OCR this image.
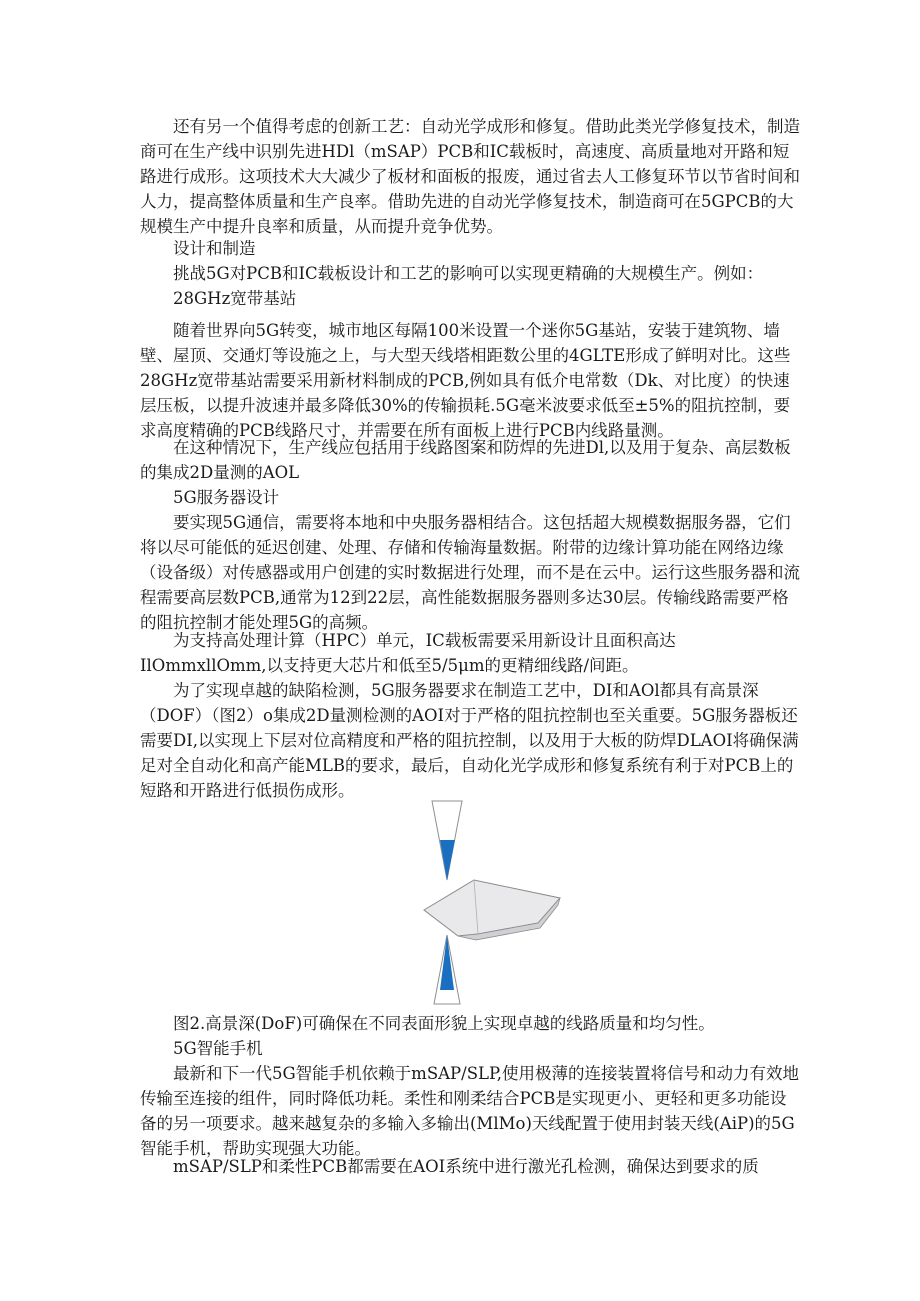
还有另一个值得考虑的创新工艺：自动光学成形和修复。借助此类光学修复技术，制造商可在生产线中识别先进HDl（mSAP）PCB和IC载板时，高速度、高质量地对开路和短路进行成形。这项技术大大减少了板材和面板的报废，通过省去人工修复环节以节省时间和人力，提高整体质量和生产良率。借助先进的自动光学修复技术，制造商可在5GPCB的大规模生产中提升良率和质量，从而提升竞争优势。

设计和制造

挑战5G对PCB和IC载板设计和工艺的影响可以实现更精确的大规模生产。例如：

28GHz宽带基站

随着世界向5G转变，城市地区每隔100米设置一个迷你5G基站，安装于建筑物、墙壁、屋顶、交通灯等设施之上，与大型天线塔相距数公里的4GLTE形成了鲜明对比。这些28GHz宽带基站需要采用新材料制成的PCB,例如具有低介电常数（Dk、对比度）的快速层压板，以提升波速并最多降低30%的传输损耗.5G毫米波要求低至±5%的阻抗控制，要求高度精确的PCB线路尺寸，并需要在所有面板上进行PCB内线路量测。

在这种情况下，生产线应包括用于线路图案和防焊的先进Dl,以及用于复杂、高层数板的集成2D量测的AOL

5G服务器设计

要实现5G通信，需要将本地和中央服务器相结合。这包括超大规模数据服务器，它们将以尽可能低的延迟创建、处理、存储和传输海量数据。附带的边缘计算功能在网络边缘（设备级）对传感器或用户创建的实时数据进行处理，而不是在云中。运行这些服务器和流程需要高层数PCB,通常为12到22层，高性能数据服务器则多达30层。传输线路需要严格的阻抗控制才能处理5G的高频。

为支持高处理计算（HPC）单元，IC载板需要采用新设计且面积高达IlOmmxllOmm,以支持更大芯片和低至5/5μm的更精细线路/间距。

为了实现卓越的缺陷检测，5G服务器要求在制造工艺中，DI和AOl都具有高景深（DOF）（图2）o集成2D量测检测的AOI对于严格的阻抗控制也至关重要。5G服务器板还需要DI,以实现上下层对位高精度和严格的阻抗控制，以及用于大板的防焊DLAOI将确保满足对全自动化和高产能MLB的要求，最后，自动化光学成形和修复系统有利于对PCB上的短路和开路进行低损伤成形。

图2.高景深(DoF)可确保在不同表面形貌上实现卓越的线路质量和均匀性。

5G智能手机

最新和下一代5G智能手机依赖于mSAP/SLP,使用极薄的连接装置将信号和动力有效地传输至连接的组件，同时降低功耗。柔性和刚柔结合PCB是实现更小、更轻和更多功能设备的另一项要求。越来越复杂的多输入多输出(MlMo)天线配置于使用封装天线(AiP)的5G智能手机，帮助实现强大功能。

mSAP/SLP和柔性PCB都需要在AOI系统中进行激光孔检测，确保达到要求的质
